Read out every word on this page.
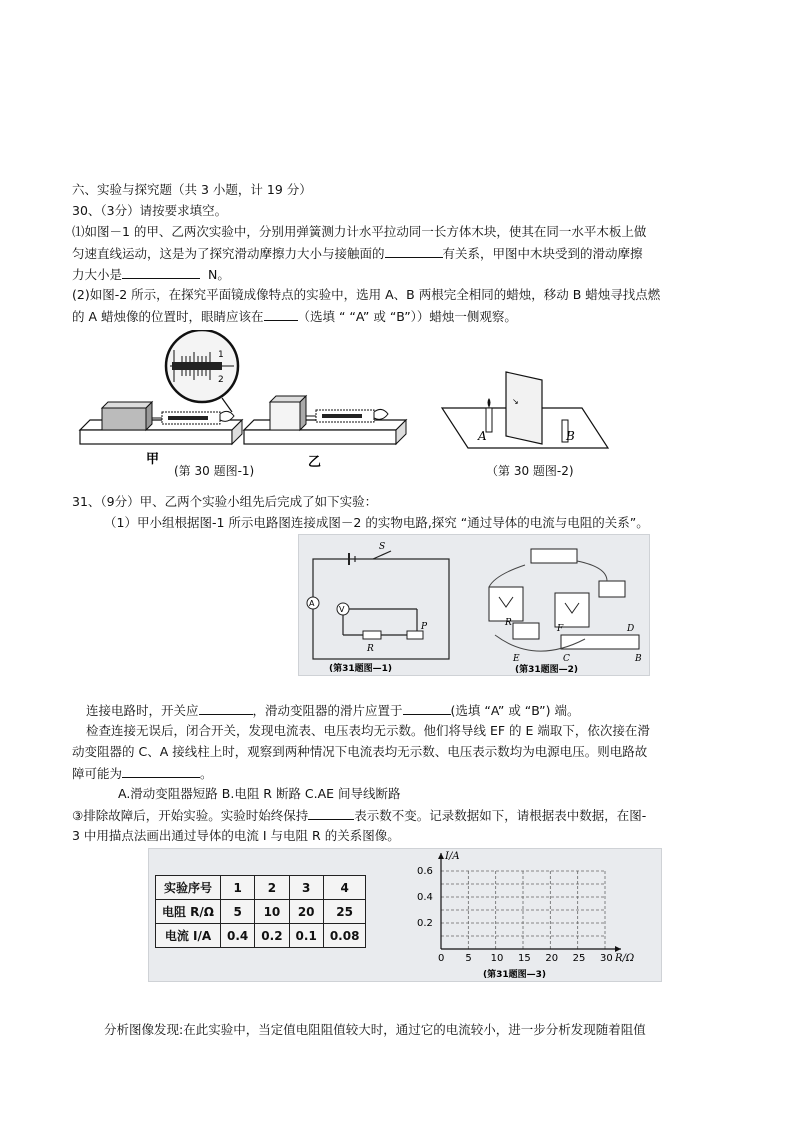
六、实验与探究题（共 3 小题，计 19 分）
30、（3分）请按要求填空。
⑴如图－1 的甲、乙两次实验中，分别用弹簧测力计水平拉动同一长方体木块，使其在同一水平木板上做
匀速直线运动，这是为了探究滑动摩擦力大小与接触面的	有关系，甲图中木块受到的滑动摩擦
力大小是	N。
(2)如图-2 所示，在探究平面镜成像特点的实验中，选用 A、B 两根完全相同的蜡烛，移动 B 蜡烛寻找点燃
的 A 蜡烛像的位置时，眼睛应该在	（选填 “ “A” 或 “B”））蜡烛一侧观察。
1
2
甲	乙
(第 30 题图-1)
↘
A	B
（第 30 题图-2)
31、（9分）甲、乙两个实验小组先后完成了如下实验：
（1）甲小组根据图-1 所示电路图连接成图－2 的实物电路,探究 “通过导体的电流与电阻的关系”。
A
V
S
R
P
E
F
C
D
B
R
(第31题图—1)	(第31题图—2)
连接电路时，开关应	，滑动变阻器的滑片应置于	(选填 “A” 或 “B”) 端。
检查连接无误后，闭合开关，发现电流表、电压表均无示数。他们将导线 EF 的 E 端取下，依次接在滑
动变阻器的 C、A 接线柱上时，观察到两种情况下电流表均无示数、电压表示数均为电源电压。则电路故
障可能为	。
A.滑动变阻器短路 B.电阻 R 断路 C.AE 间导线断路
③排除故障后，开始实验。实验时始终保持	表示数不变。记录数据如下，请根据表中数据，在图-
3 中用描点法画出通过导体的电流 I 与电阻 R 的关系图像。
实验序号	1	2	3	4
电阻 R/Ω	5	10	20	25
电流 I/A	0.4	0.2	0.1	0.08
0 5 10 15 20 25 30
0.2
0.4
0.6
R/Ω
I/A
(第31题图—3)
分析图像发现:在此实验中，当定值电阻阻值较大时，通过它的电流较小，进一步分析发现随着阻值
